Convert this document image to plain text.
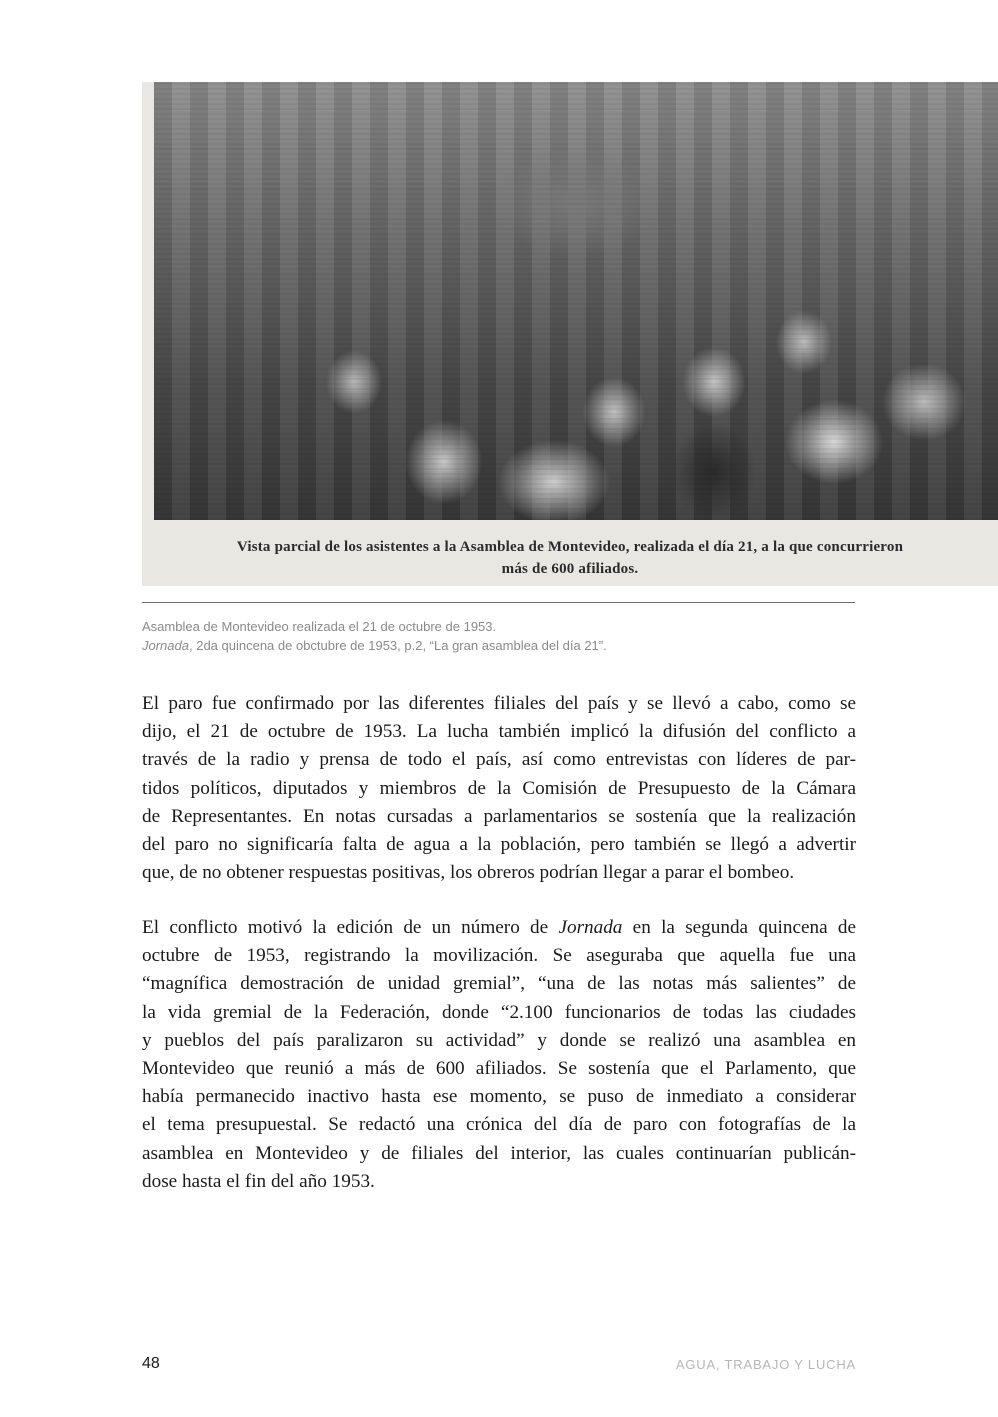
Vista parcial de los asistentes a la Asamblea de Montevideo, realizada el día 21, a la que concurrieron
más de 600 afiliados.
Asamblea de Montevideo realizada el 21 de octubre de 1953.
Jornada, 2da quincena de obctubre de 1953, p.2, “La gran asamblea del día 21”.
El paro fue confirmado por las diferentes filiales del país y se llevó a cabo, como se
dijo, el 21 de octubre de 1953. La lucha también implicó la difusión del conflicto a
través de la radio y prensa de todo el país, así como entrevistas con líderes de par-
tidos políticos, diputados y miembros de la Comisión de Presupuesto de la Cámara
de Representantes. En notas cursadas a parlamentarios se sostenía que la realización
del paro no significaría falta de agua a la población, pero también se llegó a advertir
que, de no obtener respuestas positivas, los obreros podrían llegar a parar el bombeo.
El conflicto motivó la edición de un número de Jornada en la segunda quincena de
octubre de 1953, registrando la movilización. Se aseguraba que aquella fue una
“magnífica demostración de unidad gremial”, “una de las notas más salientes” de
la vida gremial de la Federación, donde “2.100 funcionarios de todas las ciudades
y pueblos del país paralizaron su actividad” y donde se realizó una asamblea en
Montevideo que reunió a más de 600 afiliados. Se sostenía que el Parlamento, que
había permanecido inactivo hasta ese momento, se puso de inmediato a considerar
el tema presupuestal. Se redactó una crónica del día de paro con fotografías de la
asamblea en Montevideo y de filiales del interior, las cuales continuarían publicán-
dose hasta el fin del año 1953.
48	AGUA, TRABAJO Y LUCHA
